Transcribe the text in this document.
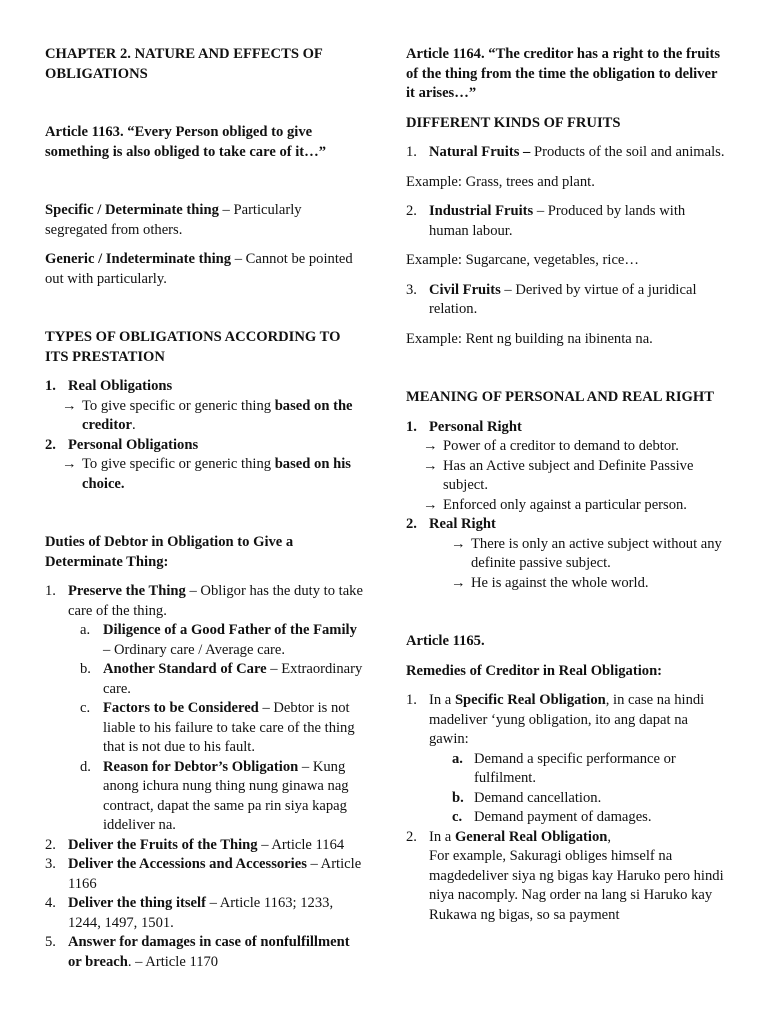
CHAPTER 2. NATURE AND EFFECTS OF OBLIGATIONS

Article 1163. “Every Person obliged to give something is also obliged to take care of it…”

Specific / Determinate thing – Particularly segregated from others.

Generic / Indeterminate thing – Cannot be pointed out with particularly.

TYPES OF OBLIGATIONS ACCORDING TO ITS PRESTATION

1. Real Obligations
→ To give specific or generic thing based on the creditor.
2. Personal Obligations
→ To give specific or generic thing based on his choice.

Duties of Debtor in Obligation to Give a Determinate Thing:

1. Preserve the Thing – Obligor has the duty to take care of the thing.
a. Diligence of a Good Father of the Family – Ordinary care / Average care.
b. Another Standard of Care – Extraordinary care.
c. Factors to be Considered – Debtor is not liable to his failure to take care of the thing that is not due to his fault.
d. Reason for Debtor’s Obligation – Kung anong ichura nung thing nung ginawa nag contract, dapat the same pa rin siya kapag iddeliver na.
2. Deliver the Fruits of the Thing – Article 1164
3. Deliver the Accessions and Accessories – Article 1166
4. Deliver the thing itself – Article 1163; 1233, 1244, 1497, 1501.
5. Answer for damages in case of nonfulfillment or breach. – Article 1170

Article 1164. “The creditor has a right to the fruits of the thing from the time the obligation to deliver it arises…”

DIFFERENT KINDS OF FRUITS

1. Natural Fruits – Products of the soil and animals.

Example: Grass, trees and plant.

2. Industrial Fruits – Produced by lands with human labour.

Example: Sugarcane, vegetables, rice…

3. Civil Fruits – Derived by virtue of a juridical relation.

Example: Rent ng building na ibinenta na.

MEANING OF PERSONAL AND REAL RIGHT

1. Personal Right
→ Power of a creditor to demand to debtor.
→ Has an Active subject and Definite Passive subject.
→ Enforced only against a particular person.
2. Real Right
→ There is only an active subject without any definite passive subject.
→ He is against the whole world.

Article 1165.

Remedies of Creditor in Real Obligation:

1. In a Specific Real Obligation, in case na hindi madeliver ‘yung obligation, ito ang dapat na gawin:
a. Demand a specific performance or fulfilment.
b. Demand cancellation.
c. Demand payment of damages.
2. In a General Real Obligation,
For example, Sakuragi obliges himself na magdedeliver siya ng bigas kay Haruko pero hindi niya nacomply. Nag order na lang si Haruko kay Rukawa ng bigas, so sa payment
